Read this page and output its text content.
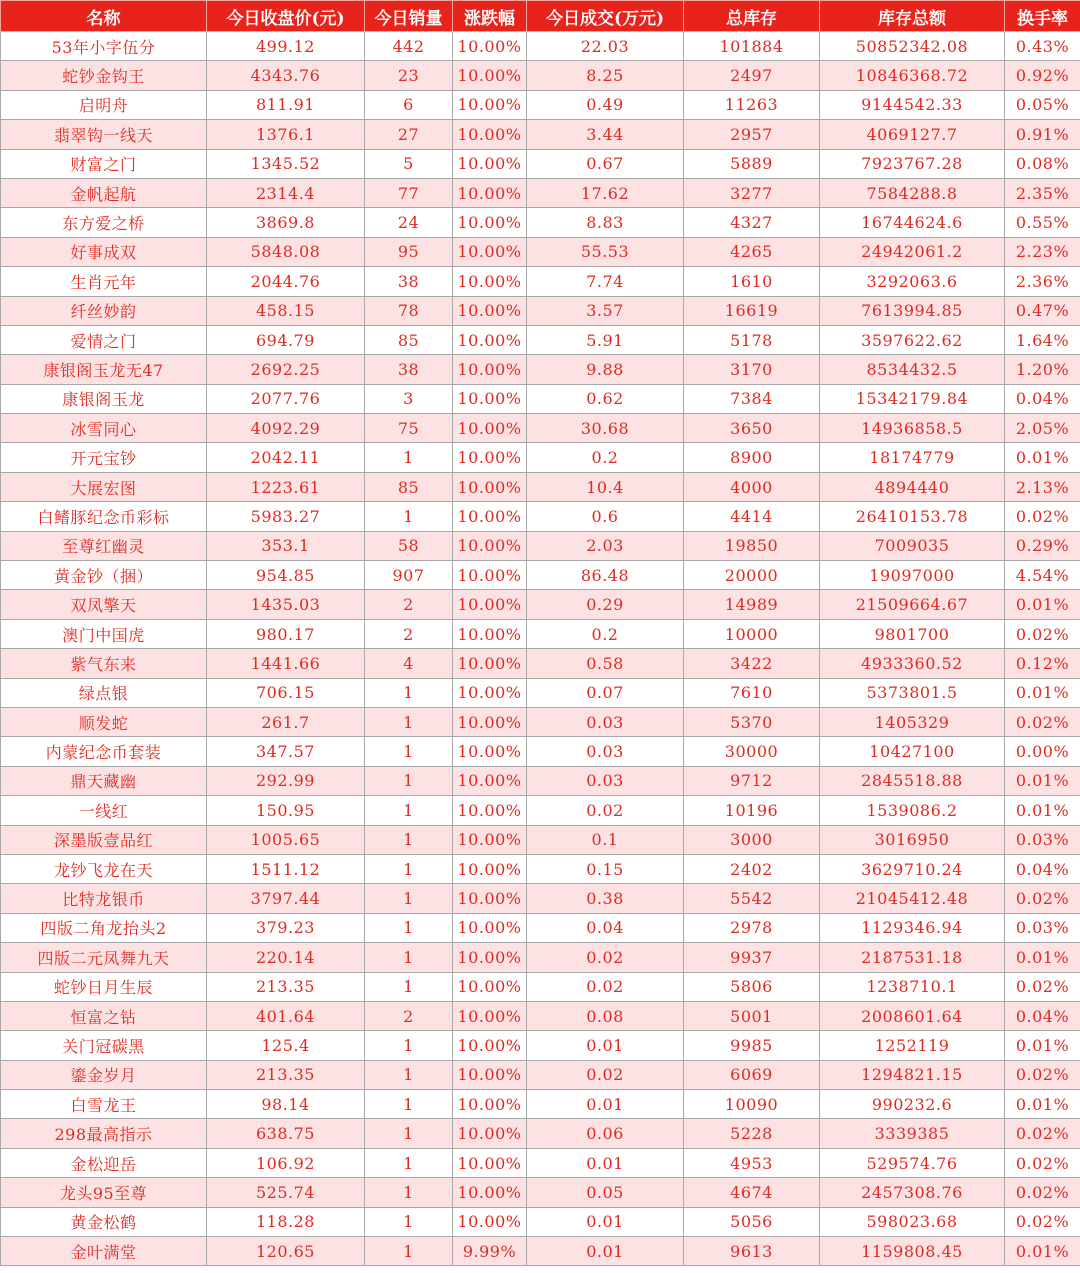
名称	今日收盘价(元)	今日销量	涨跌幅	今日成交(万元)	总库存	库存总额	换手率
53年小字伍分	499.12	442	10.00%	22.03	101884	50852342.08	0.43%
蛇钞金钩王	4343.76	23	10.00%	8.25	2497	10846368.72	0.92%
启明舟	811.91	6	10.00%	0.49	11263	9144542.33	0.05%
翡翠钩一线天	1376.1	27	10.00%	3.44	2957	4069127.7	0.91%
财富之门	1345.52	5	10.00%	0.67	5889	7923767.28	0.08%
金帆起航	2314.4	77	10.00%	17.62	3277	7584288.8	2.35%
东方爱之桥	3869.8	24	10.00%	8.83	4327	16744624.6	0.55%
好事成双	5848.08	95	10.00%	55.53	4265	24942061.2	2.23%
生肖元年	2044.76	38	10.00%	7.74	1610	3292063.6	2.36%
纤丝妙韵	458.15	78	10.00%	3.57	16619	7613994.85	0.47%
爱情之门	694.79	85	10.00%	5.91	5178	3597622.62	1.64%
康银阁玉龙无47	2692.25	38	10.00%	9.88	3170	8534432.5	1.20%
康银阁玉龙	2077.76	3	10.00%	0.62	7384	15342179.84	0.04%
冰雪同心	4092.29	75	10.00%	30.68	3650	14936858.5	2.05%
开元宝钞	2042.11	1	10.00%	0.2	8900	18174779	0.01%
大展宏图	1223.61	85	10.00%	10.4	4000	4894440	2.13%
白鳍豚纪念币彩标	5983.27	1	10.00%	0.6	4414	26410153.78	0.02%
至尊红幽灵	353.1	58	10.00%	2.03	19850	7009035	0.29%
黄金钞（捆）	954.85	907	10.00%	86.48	20000	19097000	4.54%
双凤擎天	1435.03	2	10.00%	0.29	14989	21509664.67	0.01%
澳门中国虎	980.17	2	10.00%	0.2	10000	9801700	0.02%
紫气东来	1441.66	4	10.00%	0.58	3422	4933360.52	0.12%
绿点银	706.15	1	10.00%	0.07	7610	5373801.5	0.01%
顺发蛇	261.7	1	10.00%	0.03	5370	1405329	0.02%
内蒙纪念币套装	347.57	1	10.00%	0.03	30000	10427100	0.00%
鼎天藏幽	292.99	1	10.00%	0.03	9712	2845518.88	0.01%
一线红	150.95	1	10.00%	0.02	10196	1539086.2	0.01%
深墨版壹品红	1005.65	1	10.00%	0.1	3000	3016950	0.03%
龙钞飞龙在天	1511.12	1	10.00%	0.15	2402	3629710.24	0.04%
比特龙银币	3797.44	1	10.00%	0.38	5542	21045412.48	0.02%
四版二角龙抬头2	379.23	1	10.00%	0.04	2978	1129346.94	0.03%
四版二元凤舞九天	220.14	1	10.00%	0.02	9937	2187531.18	0.01%
蛇钞日月生辰	213.35	1	10.00%	0.02	5806	1238710.1	0.02%
恒富之钻	401.64	2	10.00%	0.08	5001	2008601.64	0.04%
关门冠碳黑	125.4	1	10.00%	0.01	9985	1252119	0.01%
鎏金岁月	213.35	1	10.00%	0.02	6069	1294821.15	0.02%
白雪龙王	98.14	1	10.00%	0.01	10090	990232.6	0.01%
298最高指示	638.75	1	10.00%	0.06	5228	3339385	0.02%
金松迎岳	106.92	1	10.00%	0.01	4953	529574.76	0.02%
龙头95至尊	525.74	1	10.00%	0.05	4674	2457308.76	0.02%
黄金松鹤	118.28	1	10.00%	0.01	5056	598023.68	0.02%
金叶满堂	120.65	1	9.99%	0.01	9613	1159808.45	0.01%
